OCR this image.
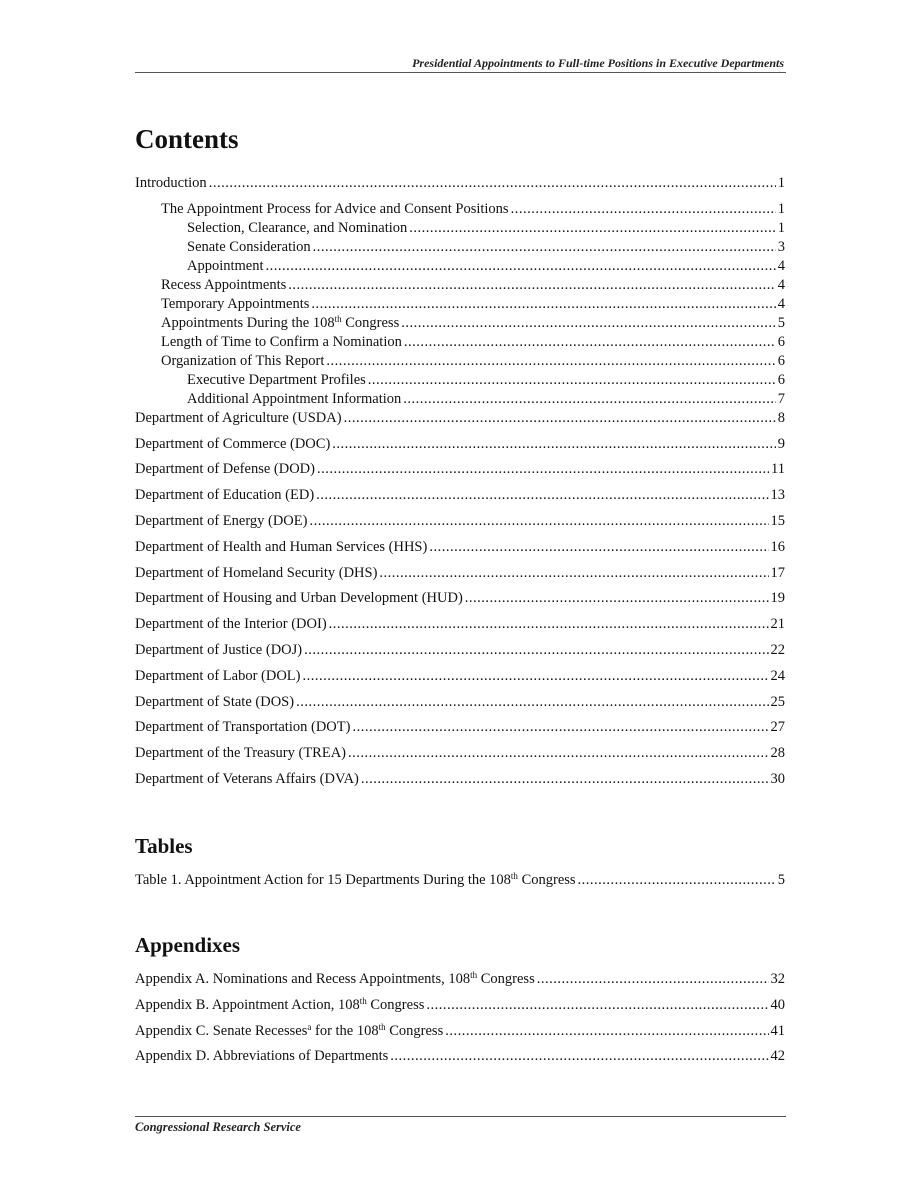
Presidential Appointments to Full-time Positions in Executive Departments
Contents
Introduction .....	1
The Appointment Process for Advice and Consent Positions .....	1
Selection, Clearance, and Nomination .....	1
Senate Consideration .....	3
Appointment .....	4
Recess Appointments .....	4
Temporary Appointments .....	4
Appointments During the 108th Congress .....	5
Length of Time to Confirm a Nomination .....	6
Organization of This Report .....	6
Executive Department Profiles .....	6
Additional Appointment Information .....	7
Department of Agriculture (USDA) .....	8
Department of Commerce (DOC) .....	9
Department of Defense (DOD) .....	11
Department of Education (ED) .....	13
Department of Energy (DOE) .....	15
Department of Health and Human Services (HHS) .....	16
Department of Homeland Security (DHS) .....	17
Department of Housing and Urban Development (HUD) .....	19
Department of the Interior (DOI) .....	21
Department of Justice (DOJ) .....	22
Department of Labor (DOL) .....	24
Department of State (DOS) .....	25
Department of Transportation (DOT) .....	27
Department of the Treasury (TREA) .....	28
Department of Veterans Affairs (DVA) .....	30
Tables
Table 1. Appointment Action for 15 Departments During the 108th Congress .....	5
Appendixes
Appendix A. Nominations and Recess Appointments, 108th Congress .....	32
Appendix B. Appointment Action, 108th Congress .....	40
Appendix C. Senate Recesses$^a$ for the 108th Congress .....	41
Appendix D. Abbreviations of Departments .....	42
Congressional Research Service
